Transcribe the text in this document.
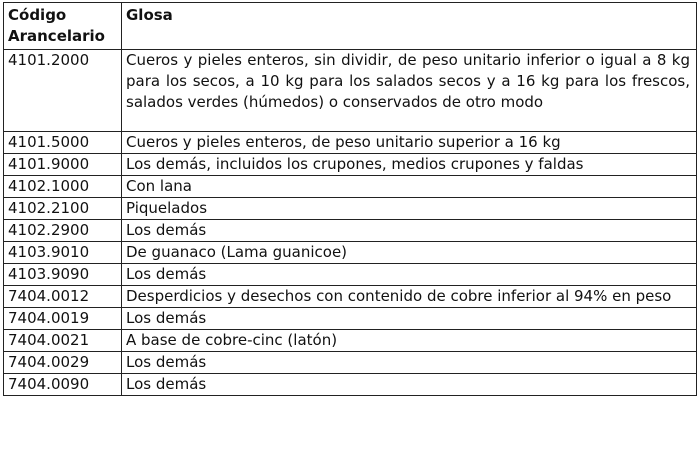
Código Arancelario	Glosa
4101.2000	Cueros y pieles enteros, sin dividir, de peso unitario inferior o igual a 8 kg para los secos, a 10 kg para los salados secos y a 16 kg para los frescos, salados verdes (húmedos) o conservados de otro modo
4101.5000	Cueros y pieles enteros, de peso unitario superior a 16 kg
4101.9000	Los demás, incluidos los crupones, medios crupones y faldas
4102.1000	Con lana
4102.2100	Piquelados
4102.2900	Los demás
4103.9010	De guanaco (Lama guanicoe)
4103.9090	Los demás
7404.0012	Desperdicios y desechos con contenido de cobre inferior al 94% en peso
7404.0019	Los demás
7404.0021	A base de cobre-cinc (latón)
7404.0029	Los demás
7404.0090	Los demás
